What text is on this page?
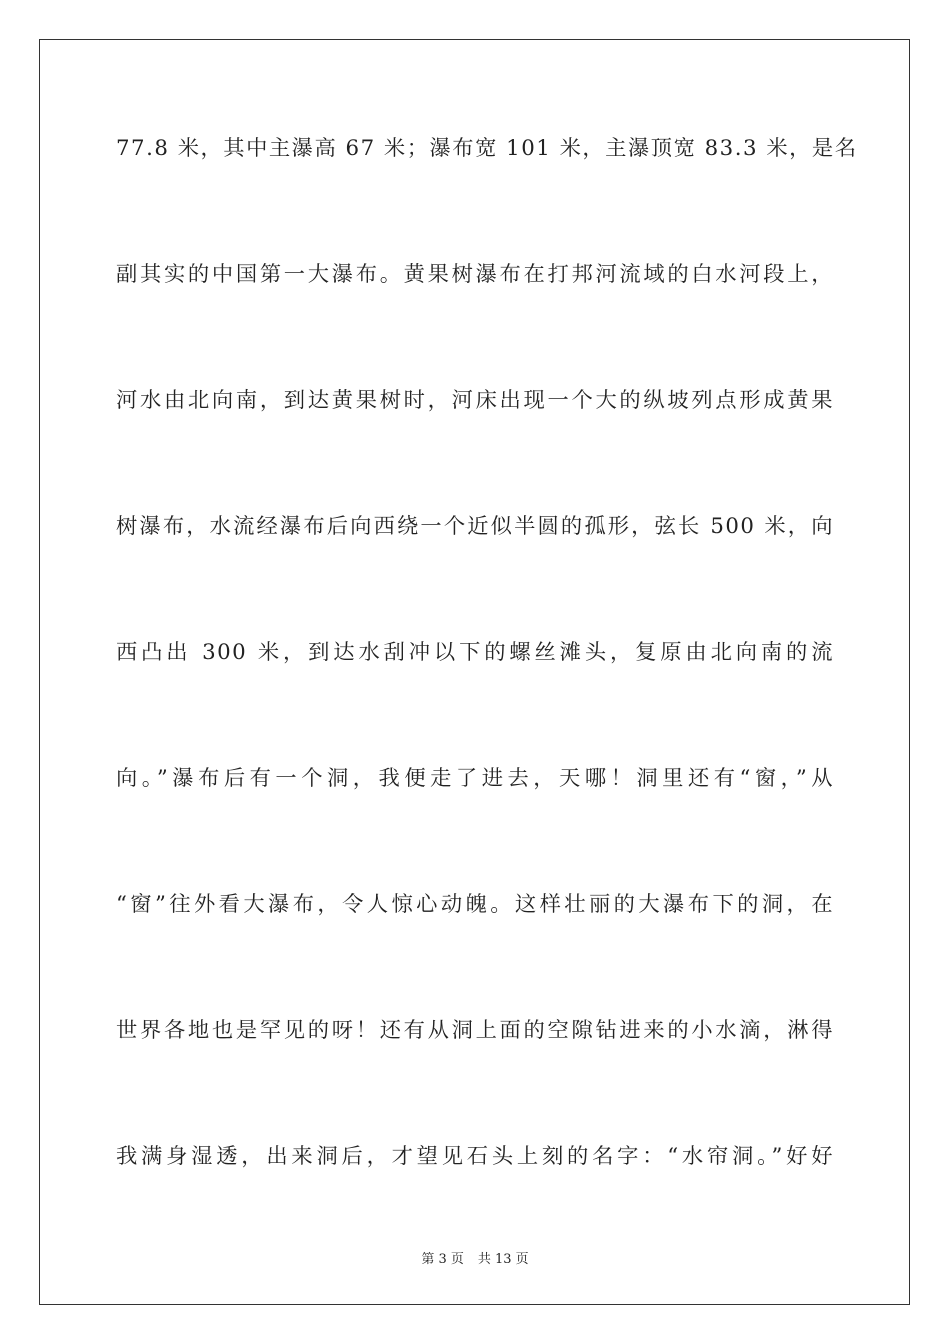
77.8 米，其中主瀑高 67 米；瀑布宽 101 米，主瀑顶宽 83.3 米，是名
副其实的中国第一大瀑布。黄果树瀑布在打邦河流域的白水河段上，
河水由北向南，到达黄果树时，河床出现一个大的纵坡列点形成黄果
树瀑布，水流经瀑布后向西绕一个近似半圆的孤形，弦长 500 米，向
西凸出 300 米，到达水刮冲以下的螺丝滩头，复原由北向南的流
向。”瀑布后有一个洞，我便走了进去，天哪！洞里还有“窗，”从
“窗”往外看大瀑布，令人惊心动魄。这样壮丽的大瀑布下的洞，在
世界各地也是罕见的呀！还有从洞上面的空隙钻进来的小水滴，淋得
我满身湿透，出来洞后，才望见石头上刻的名字：“水帘洞。”好好
第 3 页 共 13 页
